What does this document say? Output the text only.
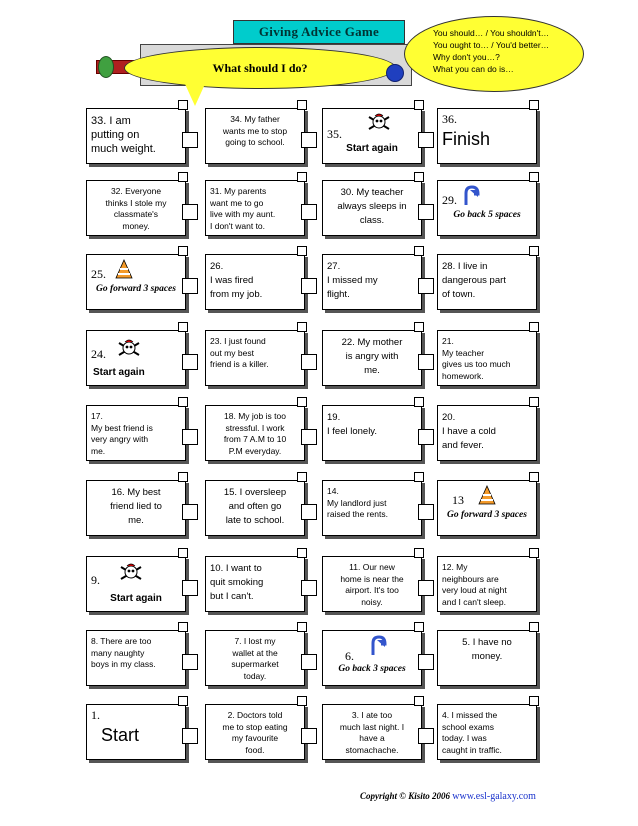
Giving Advice Game
What should I do?
You should… / You shouldn't…
You ought to… / You'd better…
Why don't you…?
What you can do is…
33. I am
putting on
much weight.
34. My father
wants me to stop
going to school.
35.
Start again
36.
Finish
32. Everyone
thinks I stole my
classmate's
money.
31. My parents
want me to go
live with my aunt.
I don't want to.
30. My teacher
always sleeps in
class.
29.
Go back 5 spaces
25.
Go forward 3 spaces
26.
I was fired
from my job.
27.
I missed my
flight.
28. I live in
dangerous part
of town.
24.
Start again
23. I just found
out my best
friend is a killer.
22. My mother
is angry with
me.
21.
My teacher
gives us too much
homework.
17.
My best friend is
very angry with
me.
18. My job is too
stressful. I work
from 7 A.M to 10
P.M everyday.
19.
I feel lonely.
20.
I have a cold
and fever.
16. My best
friend lied to
me.
15. I oversleep
and often go
late to school.
14.
My landlord just
raised the rents.
13
Go forward 3 spaces
9.
Start again
10. I want to
quit smoking
but I can't.
11. Our new
home is near the
airport. It's too
noisy.
12. My
neighbours are
very loud at night
and I can't sleep.
8. There are too
many naughty
boys in my class.
7. I lost my
wallet at the
supermarket
today.
6.
Go back 3 spaces
5. I have no
money.
1.
Start
2. Doctors told
me to stop eating
my favourite
food.
3. I ate too
much last night. I
have a
stomachache.
4. I missed the
school exams
today. I was
caught in traffic.
Copyright © Kisito 2006 www.esl-galaxy.com
